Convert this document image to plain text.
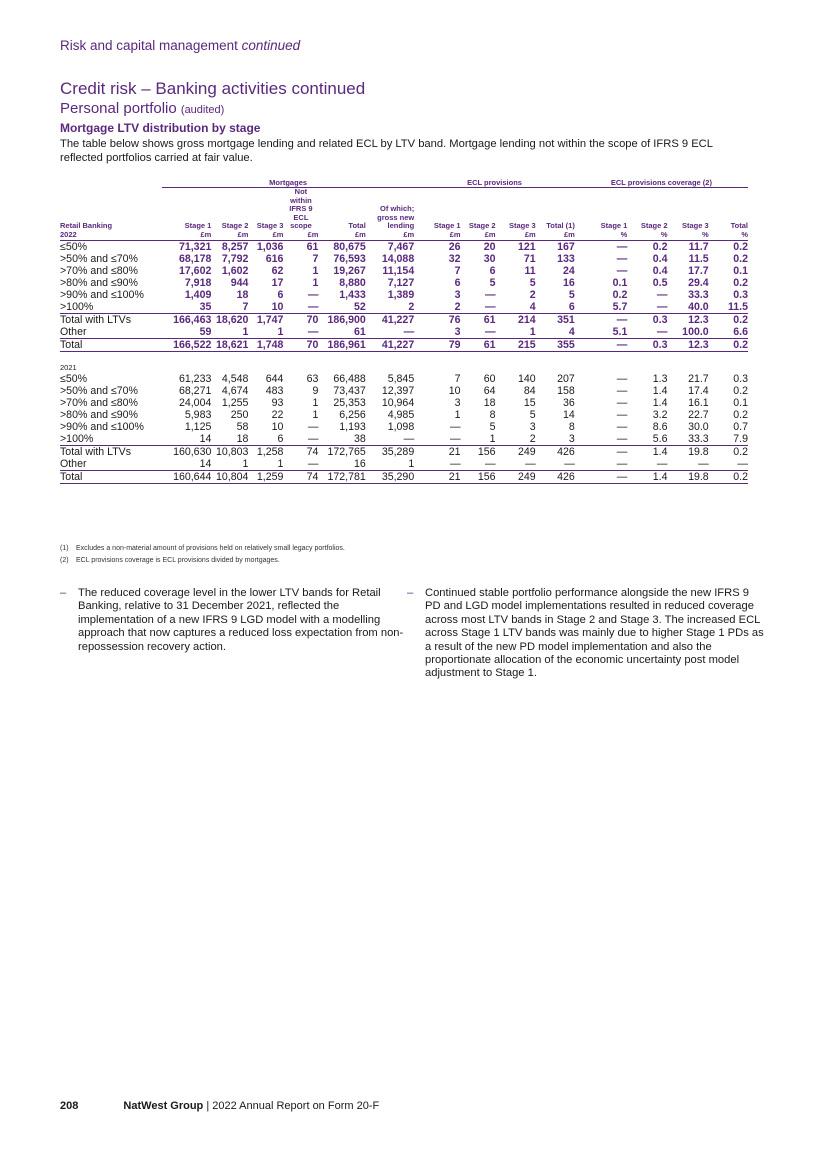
Risk and capital management continued
Credit risk – Banking activities continued
Personal portfolio (audited)
Mortgage LTV distribution by stage
The table below shows gross mortgage lending and related ECL by LTV band. Mortgage lending not within the scope of IFRS 9 ECL reflected portfolios carried at fair value.
	Mortgages						ECL provisions				ECL provisions coverage (2)			
Retail Banking	Stage 1	Stage 2	Stage 3	Not within IFRS 9 ECL scope	Total	Of which; gross new lending	Stage 1	Stage 2	Stage 3	Total (1)	Stage 1	Stage 2	Stage 3	Total
2022	£m	£m	£m	£m	£m	£m	£m	£m	£m	£m	%	%	%	%
≤50%	71,321	8,257	1,036	61	80,675	7,467	26	20	121	167	—	0.2	11.7	0.2
>50% and ≤70%	68,178	7,792	616	7	76,593	14,088	32	30	71	133	—	0.4	11.5	0.2
>70% and ≤80%	17,602	1,602	62	1	19,267	11,154	7	6	11	24	—	0.4	17.7	0.1
>80% and ≤90%	7,918	944	17	1	8,880	7,127	6	5	5	16	0.1	0.5	29.4	0.2
>90% and ≤100%	1,409	18	6	—	1,433	1,389	3	—	2	5	0.2	—	33.3	0.3
>100%	35	7	10	—	52	2	2	—	4	6	5.7	—	40.0	11.5
Total with LTVs	166,463	18,620	1,747	70	186,900	41,227	76	61	214	351	—	0.3	12.3	0.2
Other	59	1	1	—	61	—	3	—	1	4	5.1	—	100.0	6.6
Total	166,522	18,621	1,748	70	186,961	41,227	79	61	215	355	—	0.3	12.3	0.2

2021														
≤50%	61,233	4,548	644	63	66,488	5,845	7	60	140	207	—	1.3	21.7	0.3
>50% and ≤70%	68,271	4,674	483	9	73,437	12,397	10	64	84	158	—	1.4	17.4	0.2
>70% and ≤80%	24,004	1,255	93	1	25,353	10,964	3	18	15	36	—	1.4	16.1	0.1
>80% and ≤90%	5,983	250	22	1	6,256	4,985	1	8	5	14	—	3.2	22.7	0.2
>90% and ≤100%	1,125	58	10	—	1,193	1,098	—	5	3	8	—	8.6	30.0	0.7
>100%	14	18	6	—	38	—	—	1	2	3	—	5.6	33.3	7.9
Total with LTVs	160,630	10,803	1,258	74	172,765	35,289	21	156	249	426	—	1.4	19.8	0.2
Other	14	1	1	—	16	1	—	—	—	—	—	—	—	—
Total	160,644	10,804	1,259	74	172,781	35,290	21	156	249	426	—	1.4	19.8	0.2
(1) Excludes a non-material amount of provisions held on relatively small legacy portfolios.
(2) ECL provisions coverage is ECL provisions divided by mortgages.
– The reduced coverage level in the lower LTV bands for Retail Banking, relative to 31 December 2021, reflected the implementation of a new IFRS 9 LGD model with a modelling approach that now captures a reduced loss expectation from non-repossession recovery action.
– Continued stable portfolio performance alongside the new IFRS 9 PD and LGD model implementations resulted in reduced coverage across most LTV bands in Stage 2 and Stage 3. The increased ECL across Stage 1 LTV bands was mainly due to higher Stage 1 PDs as a result of the new PD model implementation and also the proportionate allocation of the economic uncertainty post model adjustment to Stage 1.
208	NatWest Group | 2022 Annual Report on Form 20-F
